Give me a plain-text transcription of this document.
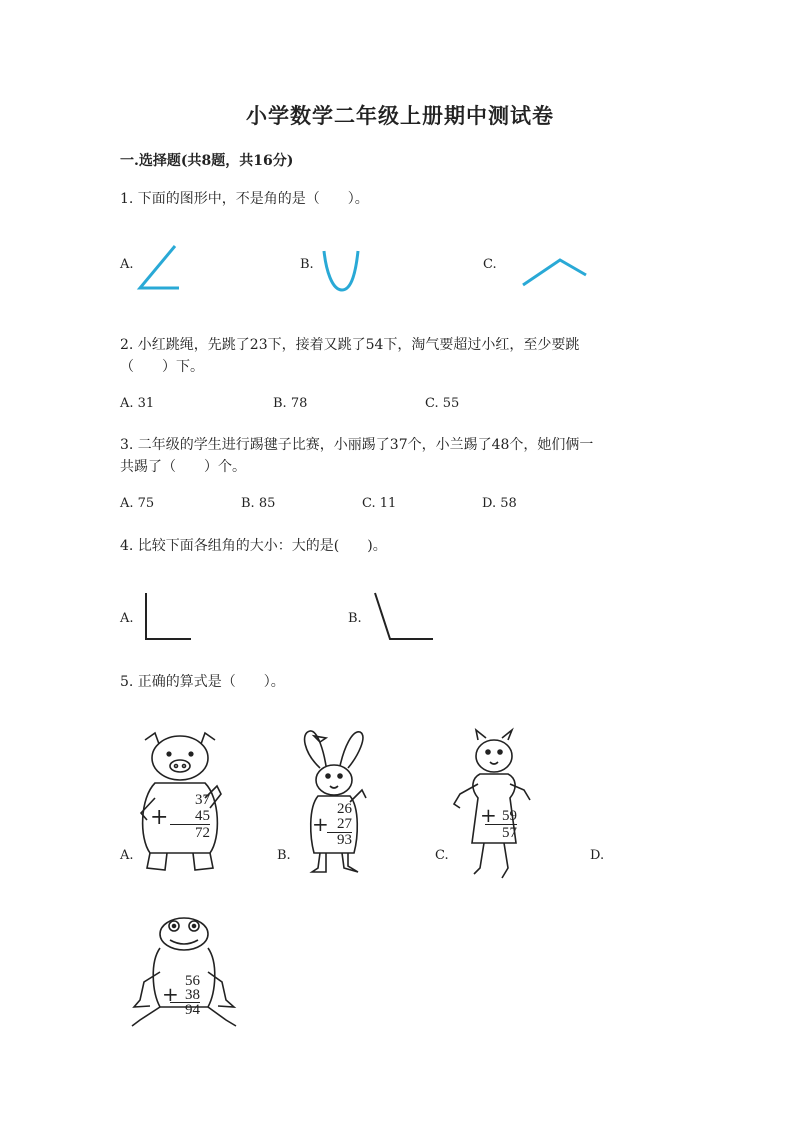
小学数学二年级上册期中测试卷
一.选择题(共8题，共16分)
1. 下面的图形中，不是角的是（　　）。
A.	B.	C.
2. 小红跳绳，先跳了23下，接着又跳了54下，淘气要超过小红，至少要跳
（　　）下。
A. 31	B. 78	C. 55
3. 二年级的学生进行踢毽子比赛，小丽踢了37个，小兰踢了48个，她们俩一
共踢了（　　）个。
A. 75	B. 85	C. 11	D. 58
4. 比较下面各组角的大小：大的是(　　)。
A.	B.
5. 正确的算式是（　　）。
A.	B.	C.	D.
37
45
72
+	26
27
93
+	59
57
+
56
38
94
+
